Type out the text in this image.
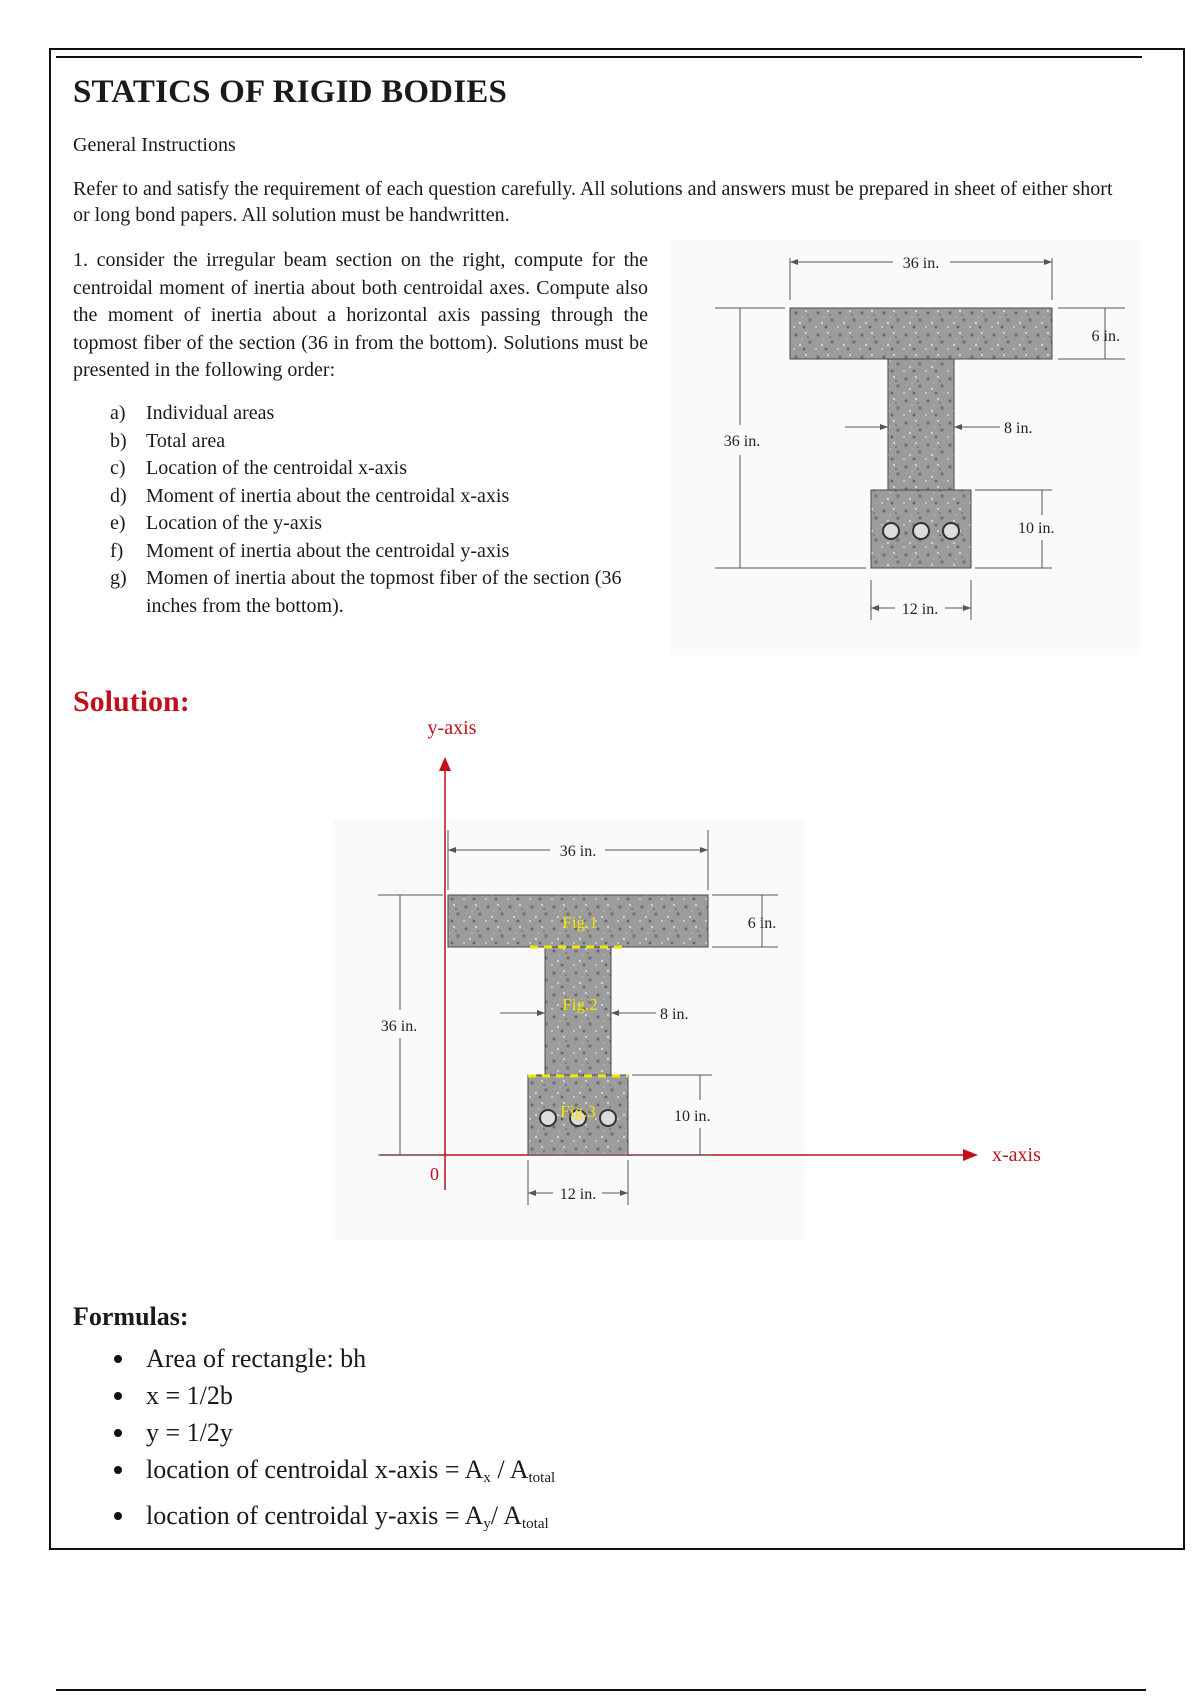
STATICS OF RIGID BODIES
General Instructions
Refer to and satisfy the requirement of each question carefully. All solutions and answers must be prepared in sheet of either short or long bond papers. All solution must be handwritten.
1. consider the irregular beam section on the right, compute for the centroidal moment of inertia about both centroidal axes. Compute also the moment of inertia about a horizontal axis passing through the topmost fiber of the section (36 in from the bottom). Solutions must be presented in the following order:
a) Individual areas
b) Total area
c) Location of the centroidal x-axis
d) Moment of inertia about the centroidal x-axis
e) Location of the y-axis
f) Moment of inertia about the centroidal y-axis
g) Momen of inertia about the topmost fiber of the section (36 inches from the bottom).
36 in.
6 in.
36 in.
8 in.
10 in.
12 in.
Solution:
y-axis
x-axis
0
Fig.1
Fig.2
Fig.3
36 in.
6 in.
36 in.
8 in.
10 in.
12 in.
Formulas:
Area of rectangle: bh
x = 1/2b
y = 1/2y
location of centroidal x-axis = $A_x / A_{total}$
location of centroidal y-axis = $A_y/$ $A_{total}$
